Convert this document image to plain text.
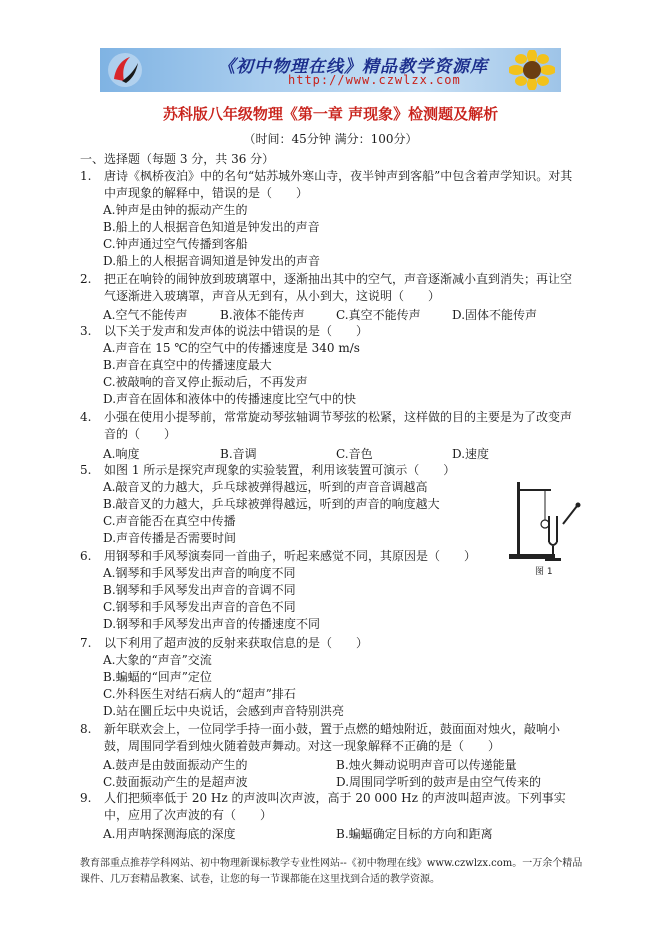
《初中物理在线》精品教学资源库
http://www.czwlzx.com
苏科版八年级物理《第一章 声现象》检测题及解析
（时间：45分钟 满分：100分）
一、选择题（每题 3 分，共 36 分）
1. 唐诗《枫桥夜泊》中的名句“姑苏城外寒山寺，夜半钟声到客船”中包含着声学知识。对其中声现象的解释中，错误的是（　　）
A.钟声是由钟的振动产生的
B.船上的人根据音色知道是钟发出的声音
C.钟声通过空气传播到客船
D.船上的人根据音调知道是钟发出的声音
2. 把正在响铃的闹钟放到玻璃罩中，逐渐抽出其中的空气，声音逐渐减小直到消失；再让空气逐渐进入玻璃罩，声音从无到有，从小到大，这说明（　　）
A.空气不能传声	B.液体不能传声	C.真空不能传声	D.固体不能传声
3. 以下关于发声和发声体的说法中错误的是（　　）
A.声音在 15 ℃的空气中的传播速度是 340 m/s
B.声音在真空中的传播速度最大
C.被敲响的音叉停止振动后，不再发声
D.声音在固体和液体中的传播速度比空气中的快
4. 小强在使用小提琴前，常常旋动琴弦轴调节琴弦的松紧，这样做的目的主要是为了改变声音的（　　）
A.响度	B.音调	C.音色	D.速度
5. 如图 1 所示是探究声现象的实验装置，利用该装置可演示（　　）
A.敲音叉的力越大，乒乓球被弹得越远，听到的声音音调越高
B.敲音叉的力越大，乒乓球被弹得越远，听到的声音的响度越大
C.声音能否在真空中传播
D.声音传播是否需要时间
图 1
6. 用钢琴和手风琴演奏同一首曲子，听起来感觉不同，其原因是（　　）
A.钢琴和手风琴发出声音的响度不同
B.钢琴和手风琴发出声音的音调不同
C.钢琴和手风琴发出声音的音色不同
D.钢琴和手风琴发出声音的传播速度不同
7. 以下利用了超声波的反射来获取信息的是（　　）
A.大象的“声音”交流
B.蝙蝠的“回声”定位
C.外科医生对结石病人的“超声”排石
D.站在圜丘坛中央说话，会感到声音特别洪亮
8. 新年联欢会上，一位同学手持一面小鼓，置于点燃的蜡烛附近，鼓面面对烛火，敲响小鼓，周围同学看到烛火随着鼓声舞动。对这一现象解释不正确的是（　　）
A.鼓声是由鼓面振动产生的	B.烛火舞动说明声音可以传递能量
C.鼓面振动产生的是超声波	D.周围同学听到的鼓声是由空气传来的
9. 人们把频率低于 20 Hz 的声波叫次声波，高于 20 000 Hz 的声波叫超声波。下列事实中，应用了次声波的有（　　）
A.用声呐探测海底的深度	B.蝙蝠确定目标的方向和距离
教育部重点推荐学科网站、初中物理新课标教学专业性网站--《初中物理在线》www.czwlzx.com。一万余个精品课件、几万套精品教案、试卷，让您的每一节课都能在这里找到合适的教学资源。
